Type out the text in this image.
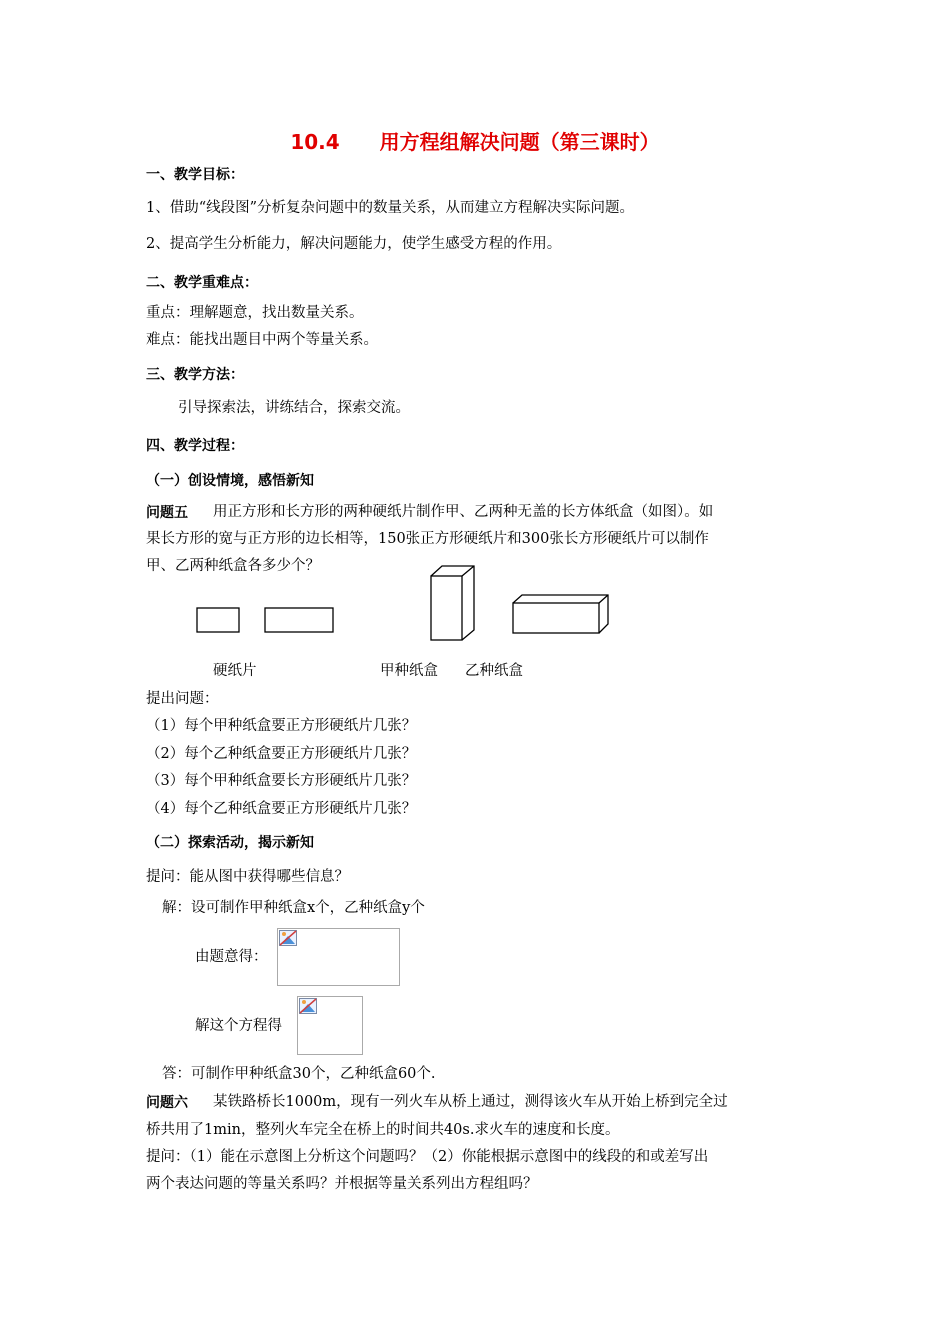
10.4　　用方程组解决问题（第三课时）
一、教学目标：
1、借助“线段图”分析复杂问题中的数量关系，从而建立方程解决实际问题。
2、提高学生分析能力，解决问题能力，使学生感受方程的作用。
二、教学重难点：
重点：理解题意，找出数量关系。
难点：能找出题目中两个等量关系。
三、教学方法：
引导探索法，讲练结合，探索交流。
四、教学过程：
（一）创设情境，感悟新知
问题五 用正方形和长方形的两种硬纸片制作甲、乙两种无盖的长方体纸盒（如图）。如
果长方形的宽与正方形的边长相等，150张正方形硬纸片和300张长方形硬纸片可以制作
甲、乙两种纸盒各多少个？
硬纸片	甲种纸盒 乙种纸盒
提出问题：
（1）每个甲种纸盒要正方形硬纸片几张？
（2）每个乙种纸盒要正方形硬纸片几张？
（3）每个甲种纸盒要长方形硬纸片几张？
（4）每个乙种纸盒要正方形硬纸片几张？
（二）探索活动，揭示新知
提问：能从图中获得哪些信息？
解：设可制作甲种纸盒x个，乙种纸盒y个
由题意得：
解这个方程得
答：可制作甲种纸盒30个，乙种纸盒60个.
问题六 某铁路桥长1000m，现有一列火车从桥上通过，测得该火车从开始上桥到完全过
桥共用了1min，整列火车完全在桥上的时间共40s.求火车的速度和长度。
提问：（1）能在示意图上分析这个问题吗？（2）你能根据示意图中的线段的和或差写出
两个表达问题的等量关系吗？并根据等量关系列出方程组吗？
